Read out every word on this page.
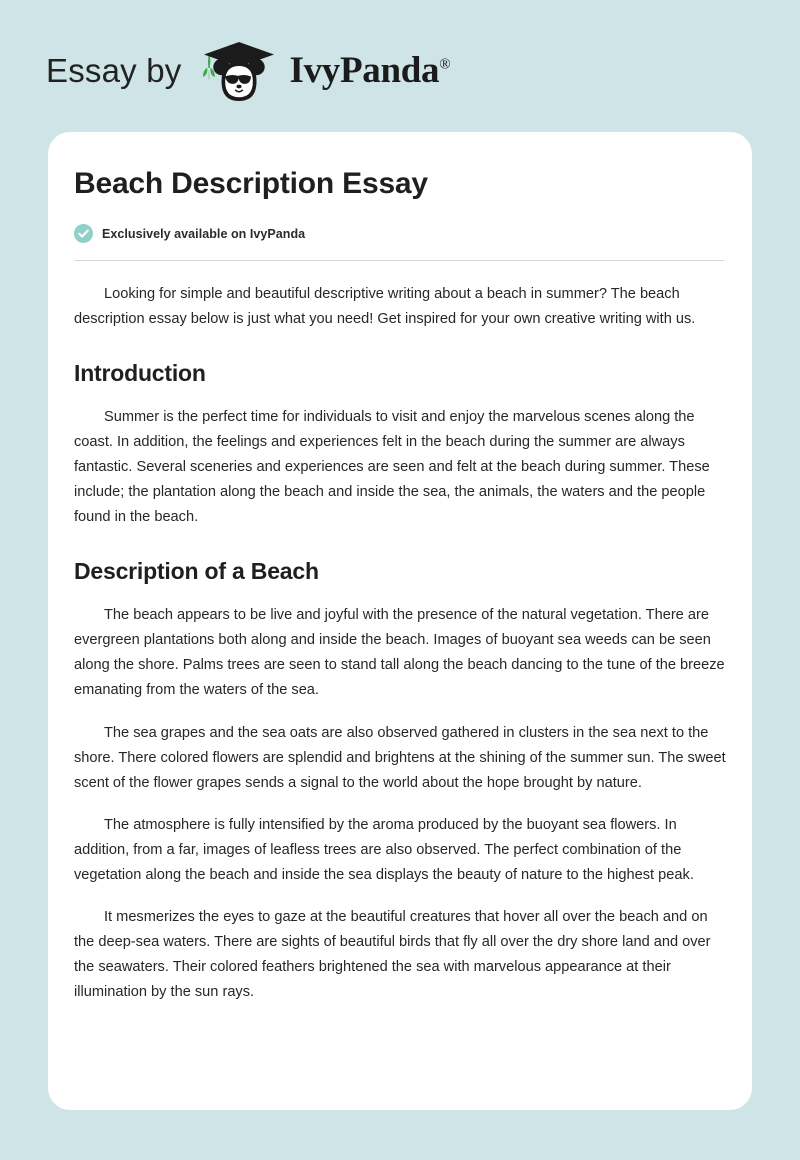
Essay by	IvyPanda®
Beach Description Essay
Exclusively available on IvyPanda

Looking for simple and beautiful descriptive writing about a beach in summer? The beach description essay below is just what you need! Get inspired for your own creative writing with us.

Introduction

Summer is the perfect time for individuals to visit and enjoy the marvelous scenes along the coast. In addition, the feelings and experiences felt in the beach during the summer are always fantastic. Several sceneries and experiences are seen and felt at the beach during summer. These include; the plantation along the beach and inside the sea, the animals, the waters and the people found in the beach.

Description of a Beach

The beach appears to be live and joyful with the presence of the natural vegetation. There are evergreen plantations both along and inside the beach. Images of buoyant sea weeds can be seen along the shore. Palms trees are seen to stand tall along the beach dancing to the tune of the breeze emanating from the waters of the sea.

The sea grapes and the sea oats are also observed gathered in clusters in the sea next to the shore. There colored flowers are splendid and brightens at the shining of the summer sun. The sweet scent of the flower grapes sends a signal to the world about the hope brought by nature.

The atmosphere is fully intensified by the aroma produced by the buoyant sea flowers. In addition, from a far, images of leafless trees are also observed. The perfect combination of the vegetation along the beach and inside the sea displays the beauty of nature to the highest peak.

It mesmerizes the eyes to gaze at the beautiful creatures that hover all over the beach and on the deep-sea waters. There are sights of beautiful birds that fly all over the dry shore land and over the seawaters. Their colored feathers brightened the sea with marvelous appearance at their illumination by the sun rays.
